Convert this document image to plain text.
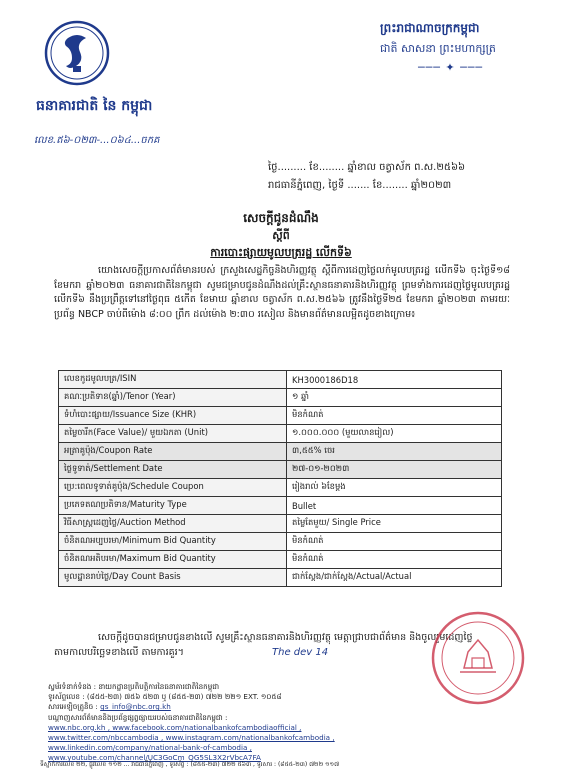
ធនាគារជាតិ នៃ កម្ពុជា
លេខ.ឥ៦-០២៣-...០៦៤...ចកគ
ព្រះរាជាណាចក្រកម្ពុជា
ជាតិ សាសនា ព្រះមហាក្សត្រ
─── ✦ ───
ថ្ងៃ......... ខែ........ ឆ្នាំខាល ចត្វាស័ក ព.ស.២៥៦៦
រាជធានីភ្នំពេញ, ថ្ងៃទី ....... ខែ........ ឆ្នាំ២០២៣
សេចក្ដីជូនដំណឹង
ស្ដីពី
ការបោះផ្សាយមូលបត្ររដ្ឋ លើកទី៦
យោងសេចក្ដីប្រកាសព័ត៌មានរបស់ ក្រសួងសេដ្ឋកិច្ចនិងហិរញ្ញវត្ថុ ស្ដីពីការដេញថ្លៃលក់មូលបត្ររដ្ឋ លើកទី៦ ចុះថ្ងៃទី១៨ ខែមករា ឆ្នាំ២០២៣ ធនាគារជាតិនៃកម្ពុជា សូមជម្រាបជូនដំណឹងដល់គ្រឹះស្ថានធនាគារនិងហិរញ្ញវត្ថុ ព្រមទាំងការដេញថ្លៃមូលបត្ររដ្ឋ លើកទី៦ នឹងប្រព្រឹត្តទៅនៅថ្ងៃពុធ ៥កើត ខែមាឃ ឆ្នាំខាល ចត្វាស័ក ព.ស.២៥៦៦ ត្រូវនឹងថ្ងៃទី២៥ ខែមករា ឆ្នាំ២០២៣ តាមរយៈប្រព័ន្ធ NBCP ចាប់ពីម៉ោង ៨:០០ ព្រឹក ដល់ម៉ោង ២:៣០ រសៀល និងមានព័ត៌មានលម្អិតដូចខាងក្រោម៖
លេខកូដមូលបត្រ/ISIN	KH3000186D18
គណៈប្រតិទាន(ឆ្នាំ)/Tenor (Year)	១ ឆ្នាំ
ទំហំបោះផ្សាយ/Issuance Size (KHR)	មិនកំណត់
តម្លៃចារឹក(Face Value)/ មួយឯកតា (Unit)	១.០០០.០០០ (មួយលានរៀល)
អត្រាគូប៉ុង/Coupon Rate	៣,៥៥% ចេរ
ថ្ងៃទូទាត់/Settlement Date	២៧-០១-២០២៣
ប្រេ:ពេលទូទាត់គូប៉ុង/Schedule Coupon	រៀងរាល់ ៦ខែម្ដង
ប្រភេទតណប្រតិទាន/Maturity Type	Bullet
វិធីសាស្ត្រដេញថ្លៃ/Auction Method	តម្លៃតែមួយ/ Single Price
ចំនិតណអប្បបរមា/Minimum Bid Quantity	មិនកំណត់
ចំនិតណអតិបរមា/Maximum Bid Quantity	មិនកំណត់
មូលដ្ឋានរាប់ថ្ងៃ/Day Count Basis	ជាក់ស្ដែង/ជាក់ស្ដែង/Actual/Actual
សេចក្ដីដូចបានជម្រាបជូនខាងលើ សូមគ្រឹះស្ថានធនាគារនិងហិរញ្ញវត្ថុ មេត្តាជ្រាបជាព័ត៌មាន និងចូលរួមដេញថ្លៃតាមកាលបរិច្ឆេទខាងលើ តាមការគួរ។	The dev 14
ស្វម័រទំនាក់ទំនង : នាយកដ្ឋានប្រតិបត្តិការនៃធនាគារជាតិនៃកម្ពុជា
ទូរស័ព្ទលេខ : (៨៥៥-២៣) ៧៥៦ ៥២៣ ឬ (៨៥៥-២៣) ៧២២ ២២១ EXT. ១០៥៨
សារអេឡិចត្រូនិច : gs_info@nbc.org.kh
បណ្ដាញសារព័ត៌មាននិងប្រព័ន្ធផ្សព្វផ្សាយរបស់ធនាគារជាតិនៃកម្ពុជា :
www.nbc.org.kh , www.facebook.com/nationalbankofcambodiaofficial ,
www.twitter.com/nbccambodia , www.instagram.com/nationalbankofcambodia ,
www.linkedin.com/company/national-bank-of-cambodia ,
www.youtube.com/channel/UC3GoCm_QG5SL3X2rVbcA7FA
ទីស្នាក់ការលេខ ២២, ផ្លូវលេខ ១១២ ... រាជធានីភ្នំពេញ , ទូរស័ព្ទ : (៨៥៥-២៣) ៧២២ ៥៦៣ , ទូរសារ : (៨៥៥-២៣) ៧២២ ១១៧
